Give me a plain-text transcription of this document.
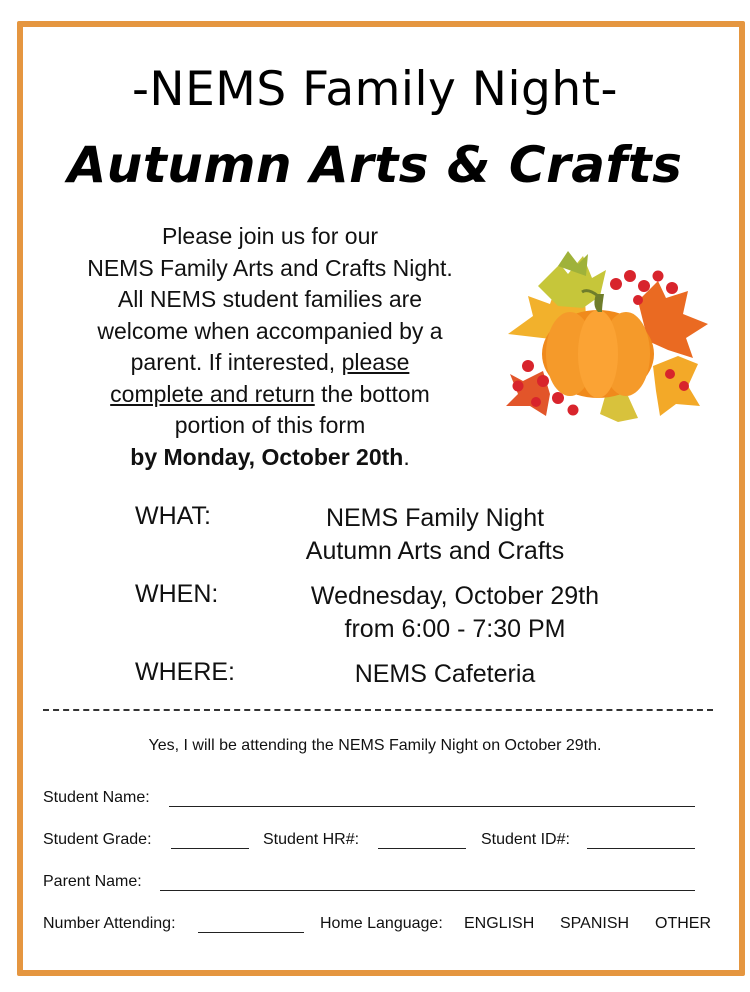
-NEMS Family Night-
Autumn Arts & Crafts
Please join us for our
NEMS Family Arts and Crafts Night.
All NEMS student families are
welcome when accompanied by a
parent. If interested, please
complete and return the bottom
portion of this form
by Monday, October 20th.
WHAT:	NEMS Family Night
Autumn Arts and Crafts
WHEN:	Wednesday, October 29th
from 6:00 - 7:30 PM
WHERE:	NEMS Cafeteria
Yes, I will be attending the NEMS Family Night on October 29th.
Student Name:
Student Grade:	Student HR#:	Student ID#:
Parent Name:
Number Attending:	Home Language: ENGLISH SPANISH OTHER
